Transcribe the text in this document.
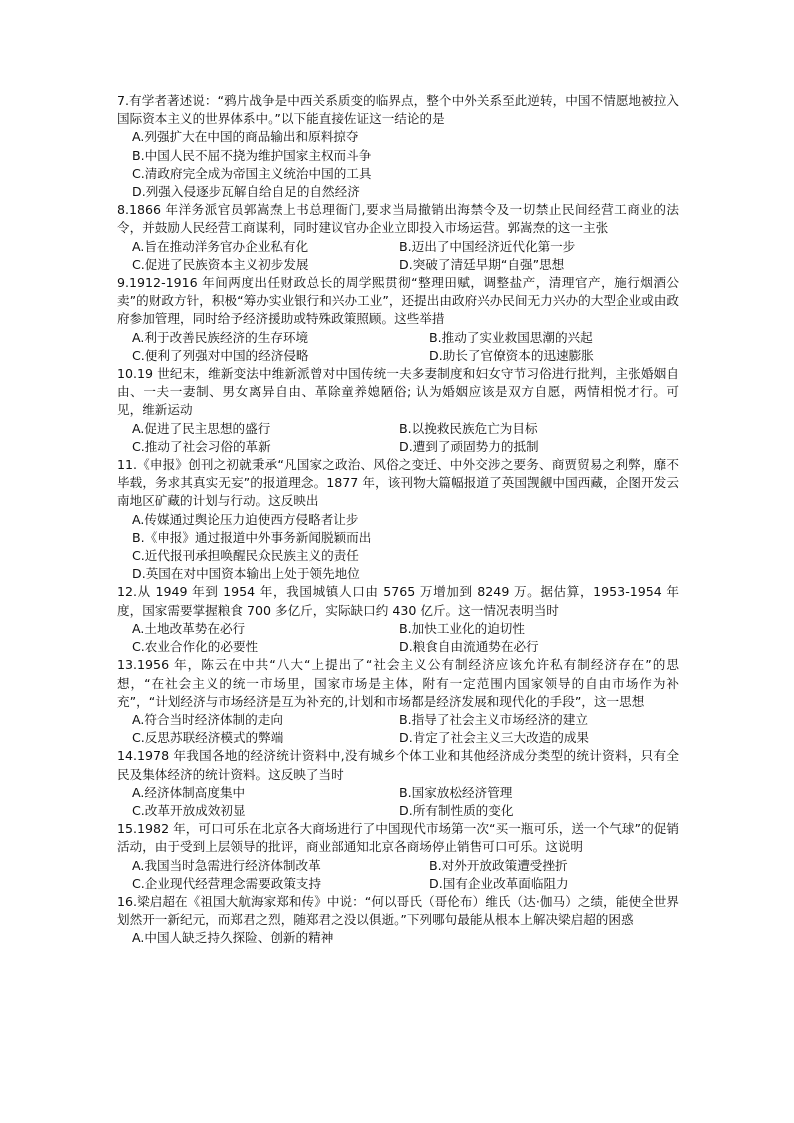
7.有学者著述说：“鸦片战争是中西关系质变的临界点，整个中外关系至此逆转，中国不情愿地被拉入国际资本主义的世界体系中。”以下能直接佐证这一结论的是
A.列强扩大在中国的商品输出和原料掠夺
B.中国人民不屈不挠为维护国家主权而斗争
C.清政府完全成为帝国主义统治中国的工具
D.列强入侵逐步瓦解自给自足的自然经济
8.1866 年洋务派官员郭嵩焘上书总理衙门,要求当局撤销出海禁令及一切禁止民间经营工商业的法令，并鼓励人民经营工商谋利，同时建议官办企业立即投入市场运营。郭嵩焘的这一主张
A.旨在推动洋务官办企业私有化	B.迈出了中国经济近代化第一步
C.促进了民族资本主义初步发展	D.突破了清廷早期“自强”思想
9.1912-1916 年间两度出任财政总长的周学熙贯彻“整理田赋，调整盐产，清理官产，施行烟酒公卖”的财政方针，积极“筹办实业银行和兴办工业”，还提出由政府兴办民间无力兴办的大型企业或由政府参加管理，同时给予经济援助或特殊政策照顾。这些举措
A.利于改善民族经济的生存环境	B.推动了实业救国思潮的兴起
C.便利了列强对中国的经济侵略	D.助长了官僚资本的迅速膨胀
10.19 世纪末，维新变法中维新派曾对中国传统一夫多妻制度和妇女守节习俗进行批判，主张婚姻自由、一夫一妻制、男女离异自由、革除童养媳陋俗; 认为婚姻应该是双方自愿，两情相悦才行。可见，维新运动
A.促进了民主思想的盛行	B.以挽救民族危亡为目标
C.推动了社会习俗的革新	D.遭到了顽固势力的抵制
11.《申报》创刊之初就秉承“凡国家之政治、风俗之变迁、中外交涉之要务、商贾贸易之利弊，靡不毕载，务求其真实无妄”的报道理念。1877 年，该刊物大篇幅报道了英国觊觎中国西藏，企图开发云南地区矿藏的计划与行动。这反映出
A.传媒通过舆论压力迫使西方侵略者让步
B.《申报》通过报道中外事务新闻脱颖而出
C.近代报刊承担唤醒民众民族主义的责任
D.英国在对中国资本输出上处于领先地位
12.从 1949 年到 1954 年，我国城镇人口由 5765 万增加到 8249 万。据估算，1953-1954 年度，国家需要掌握粮食 700 多亿斤，实际缺口约 430 亿斤。这一情况表明当时
A.土地改革势在必行	B.加快工业化的迫切性
C.农业合作化的必要性	D.粮食自由流通势在必行
13.1956 年，陈云在中共“八大“上提出了“社会主义公有制经济应该允许私有制经济存在”的思想，“在社会主义的统一市场里，国家市场是主体，附有一定范围内国家领导的自由市场作为补充”，“计划经济与市场经济是互为补充的,计划和市场都是经济发展和现代化的手段”，这一思想
A.符合当时经济体制的走向	B.指导了社会主义市场经济的建立
C.反思苏联经济模式的弊端	D.肯定了社会主义三大改造的成果
14.1978 年我国各地的经济统计资料中,没有城乡个体工业和其他经济成分类型的统计资料，只有全民及集体经济的统计资料。这反映了当时
A.经济体制高度集中	B.国家放松经济管理
C.改革开放成效初显	D.所有制性质的变化
15.1982 年，可口可乐在北京各大商场进行了中国现代市场第一次“买一瓶可乐，送一个气球”的促销活动，由于受到上层领导的批评，商业部通知北京各商场停止销售可口可乐。这说明
A.我国当时急需进行经济体制改革	B.对外开放政策遭受挫折
C.企业现代经营理念需要政策支持	D.国有企业改革面临阻力
16.梁启超在《祖国大航海家郑和传》中说：“何以哥氏（哥伦布）维氏（达·伽马）之绩，能使全世界划然开一新纪元，而郑君之烈，随郑君之没以俱逝。”下列哪句最能从根本上解决梁启超的困惑
A.中国人缺乏持久探险、创新的精神
